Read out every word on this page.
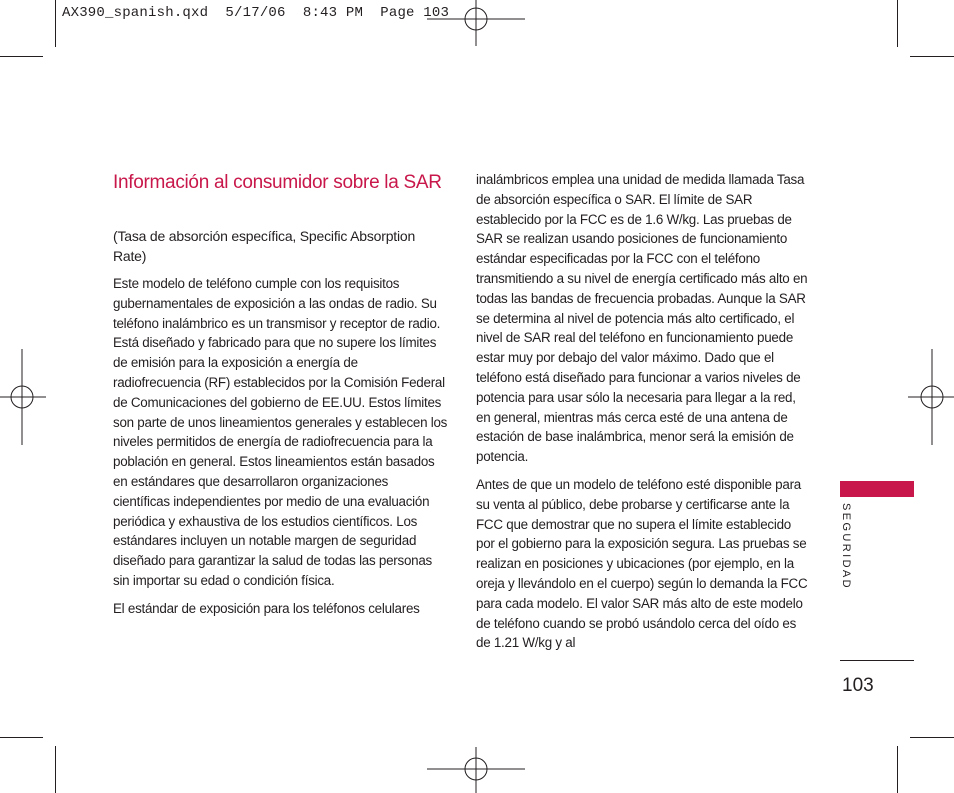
AX390_spanish.qxd  5/17/06  8:43 PM  Page 103
Información al consumidor sobre la SAR
(Tasa de absorción específica, Specific Absorption Rate)

Este modelo de teléfono cumple con los requisitos gubernamentales de exposición a las ondas de radio. Su teléfono inalámbrico es un transmisor y receptor de radio. Está diseñado y fabricado para que no supere los límites de emisión para la exposición a energía de radiofrecuencia (RF) establecidos por la Comisión Federal de Comunicaciones del gobierno de EE.UU. Estos límites son parte de unos lineamientos generales y establecen los niveles permitidos de energía de radiofrecuencia para la población en general. Estos lineamientos están basados en estándares que desarrollaron organizaciones científicas independientes por medio de una evaluación periódica y exhaustiva de los estudios científicos. Los estándares incluyen un notable margen de seguridad diseñado para garantizar la salud de todas las personas sin importar su edad o condición física.

El estándar de exposición para los teléfonos celulares

inalámbricos emplea una unidad de medida llamada Tasa de absorción específica o SAR. El límite de SAR establecido por la FCC es de 1.6 W/kg. Las pruebas de SAR se realizan usando posiciones de funcionamiento estándar especificadas por la FCC con el teléfono transmitiendo a su nivel de energía certificado más alto en todas las bandas de frecuencia probadas. Aunque la SAR se determina al nivel de potencia más alto certificado, el nivel de SAR real del teléfono en funcionamiento puede estar muy por debajo del valor máximo. Dado que el teléfono está diseñado para funcionar a varios niveles de potencia para usar sólo la necesaria para llegar a la red, en general, mientras más cerca esté de una antena de estación de base inalámbrica, menor será la emisión de potencia.

Antes de que un modelo de teléfono esté disponible para su venta al público, debe probarse y certificarse ante la FCC que demostrar que no supera el límite establecido por el gobierno para la exposición segura. Las pruebas se realizan en posiciones y ubicaciones (por ejemplo, en la oreja y llevándolo en el cuerpo) según lo demanda la FCC para cada modelo. El valor SAR más alto de este modelo de teléfono cuando se probó usándolo cerca del oído es de 1.21 W/kg y al

SEGURIDAD
103
